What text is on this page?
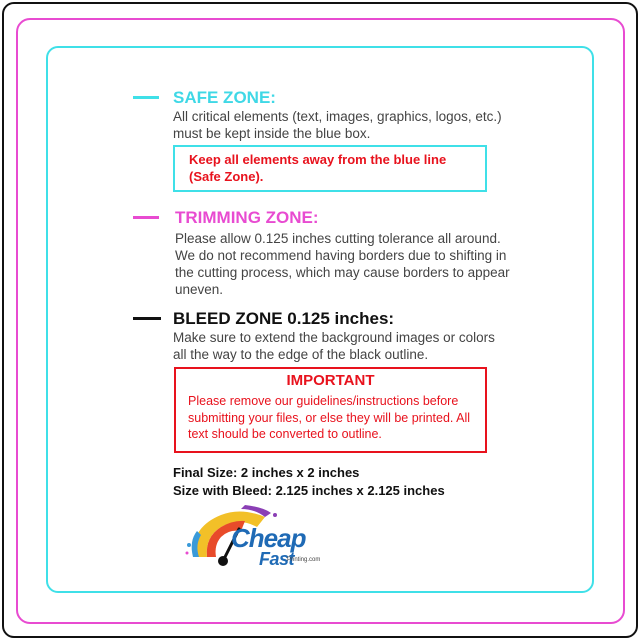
SAFE ZONE:
All critical elements (text, images, graphics, logos, etc.) must be kept inside the blue box.
Keep all elements away from the blue line (Safe Zone).
TRIMMING ZONE:
Please allow 0.125 inches cutting tolerance all around. We do not recommend having borders due to shifting in the cutting process, which may cause borders to appear uneven.
BLEED ZONE 0.125 inches:
Make sure to extend the background images or colors all the way to the edge of the black outline.
IMPORTANT
Please remove our guidelines/instructions before submitting your files, or else they will be printed. All text should be converted to outline.
Final Size: 2 inches x 2 inches
Size with Bleed: 2.125 inches x 2.125 inches
Cheap
Fast
Printing.com
